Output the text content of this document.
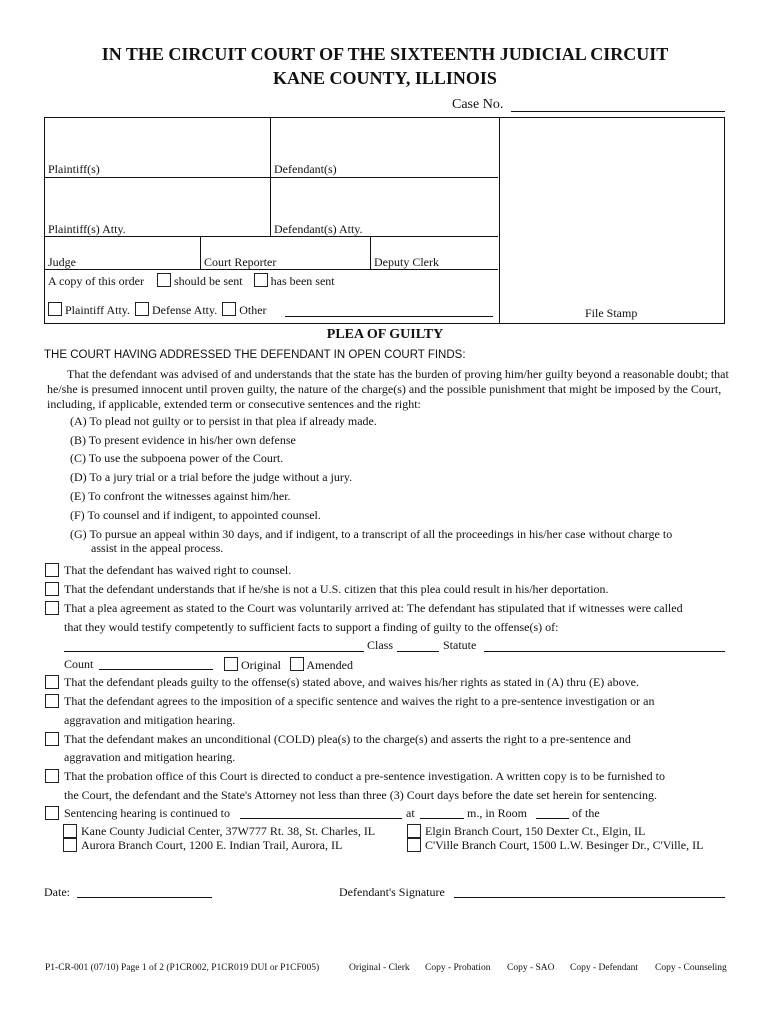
IN THE CIRCUIT COURT OF THE SIXTEENTH JUDICIAL CIRCUIT
KANE COUNTY, ILLINOIS
Case No.
Plaintiff(s)	Defendant(s)
Plaintiff(s) Atty.	Defendant(s) Atty.
Judge	Court Reporter	Deputy Clerk
A copy of this order	should be sent has been sent
Plaintiff Atty. Defense Atty. Other	File Stamp
PLEA OF GUILTY
THE COURT HAVING ADDRESSED THE DEFENDANT IN OPEN COURT FINDS:
That the defendant was advised of and understands that the state has the burden of proving him/her guilty beyond a reasonable doubt; that he/she is presumed innocent until proven guilty, the nature of the charge(s) and the possible punishment that might be imposed by the Court, including, if applicable, extended term or consecutive sentences and the right:
(A) To plead not guilty or to persist in that plea if already made.
(B) To present evidence in his/her own defense
(C) To use the subpoena power of the Court.
(D) To a jury trial or a trial before the judge without a jury.
(E) To confront the witnesses against him/her.
(F) To counsel and if indigent, to appointed counsel.
(G) To pursue an appeal within 30 days, and if indigent, to a transcript of all the proceedings in his/her case without charge to
assist in the appeal process.
That the defendant has waived right to counsel.
That the defendant understands that if he/she is not a U.S. citizen that this plea could result in his/her deportation.
That a plea agreement as stated to the Court was voluntarily arrived at: The defendant has stipulated that if witnesses were called
that they would testify competently to sufficient facts to support a finding of guilty to the offense(s) of:
Class	Statute
Count	Original Amended
That the defendant pleads guilty to the offense(s) stated above, and waives his/her rights as stated in (A) thru (E) above.
That the defendant agrees to the imposition of a specific sentence and waives the right to a pre-sentence investigation or an
aggravation and mitigation hearing.
That the defendant makes an unconditional (COLD) plea(s) to the charge(s) and asserts the right to a pre-sentence and
aggravation and mitigation hearing.
That the probation office of this Court is directed to conduct a pre-sentence investigation. A written copy is to be furnished to
the Court, the defendant and the State's Attorney not less than three (3) Court days before the date set herein for sentencing.
Sentencing hearing is continued to	at	m., in Room	of the
Kane County Judicial Center, 37W777 Rt. 38, St. Charles, IL
Aurora Branch Court, 1200 E. Indian Trail, Aurora, IL
Elgin Branch Court, 150 Dexter Ct., Elgin, IL
C'Ville Branch Court, 1500 L.W. Besinger Dr., C'Ville, IL
Date:	Defendant's Signature
P1-CR-001 (07/10) Page 1 of 2 (P1CR002, P1CR019 DUI or P1CF005)	Original - Clerk Copy - Probation Copy - SAO Copy - Defendant Copy - Counseling
